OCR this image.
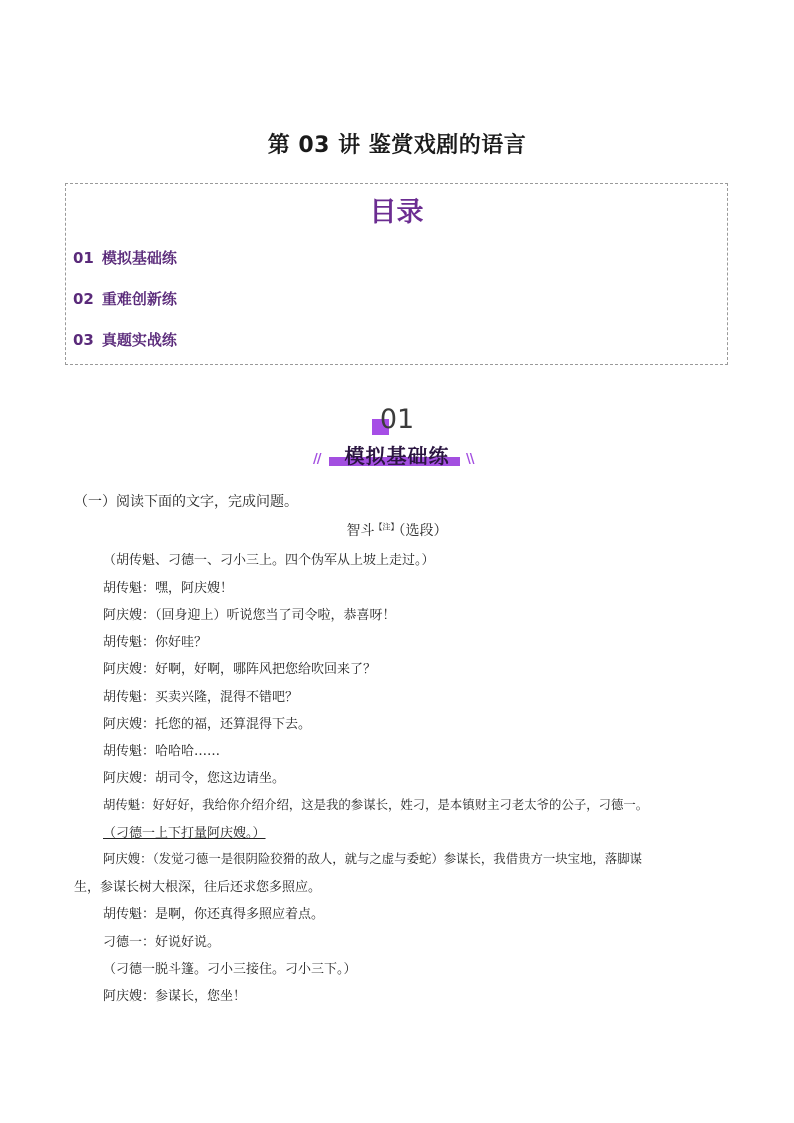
第 03 讲 鉴赏戏剧的语言
目录
01 模拟基础练
02 重难创新练
03 真题实战练
01
//	模拟基础练	\\
（一）阅读下面的文字，完成问题。
智斗$^{【注】}$（选段）
（胡传魁、刁德一、刁小三上。四个伪军从上坡上走过。）
胡传魁：嘿，阿庆嫂！
阿庆嫂：（回身迎上）听说您当了司令啦，恭喜呀！
胡传魁：你好哇？
阿庆嫂：好啊，好啊，哪阵风把您给吹回来了？
胡传魁：买卖兴隆，混得不错吧？
阿庆嫂：托您的福，还算混得下去。
胡传魁：哈哈哈……
阿庆嫂：胡司令，您这边请坐。
胡传魁：好好好，我给你介绍介绍，这是我的参谋长，姓刁，是本镇财主刁老太爷的公子，刁德一。
（刁德一上下打量阿庆嫂。）
阿庆嫂：（发觉刁德一是很阴险狡猾的敌人，就与之虚与委蛇）参谋长，我借贵方一块宝地，落脚谋
生，参谋长树大根深，往后还求您多照应。
胡传魁：是啊，你还真得多照应着点。
刁德一：好说好说。
（刁德一脱斗篷。刁小三接住。刁小三下。）
阿庆嫂：参谋长，您坐！
